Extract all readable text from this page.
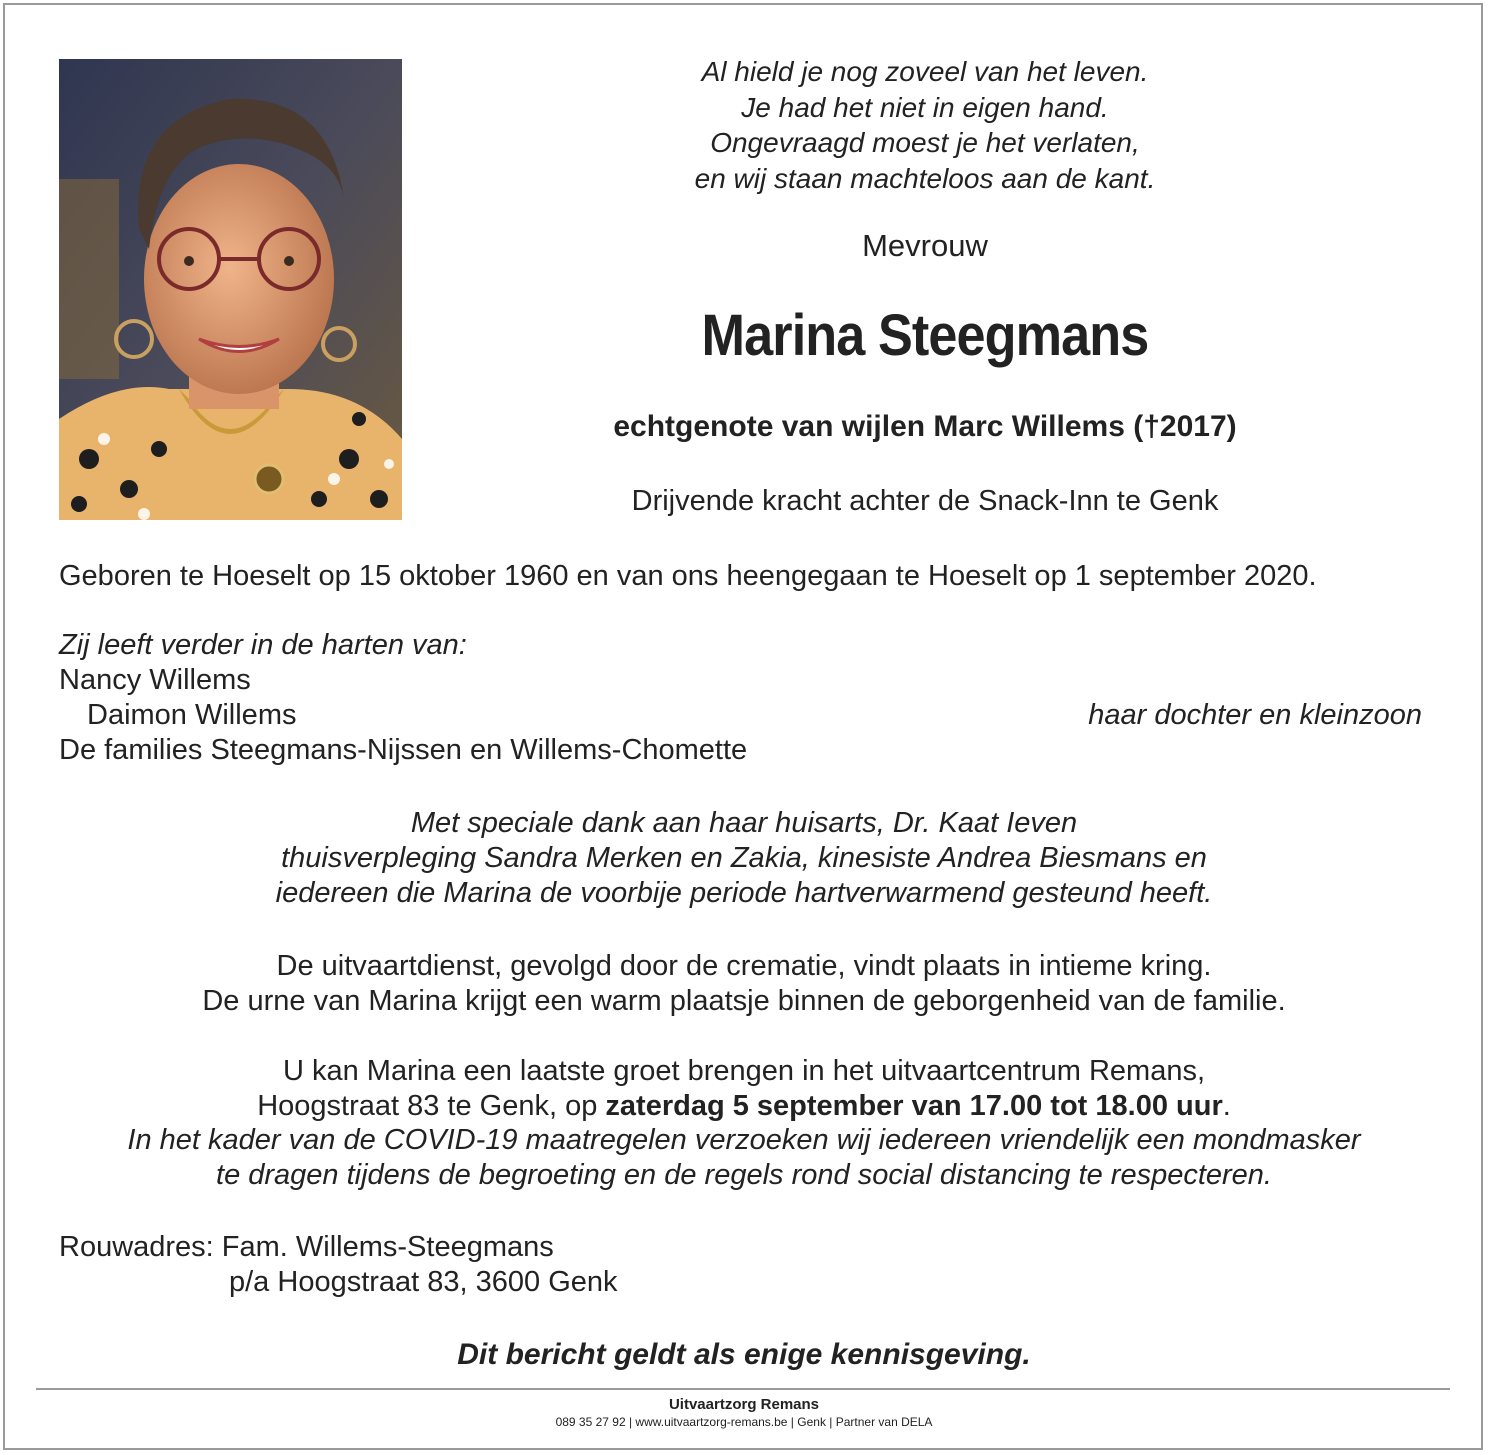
Al hield je nog zoveel van het leven.
Je had het niet in eigen hand.
Ongevraagd moest je het verlaten,
en wij staan machteloos aan de kant.
Mevrouw
Marina Steegmans
echtgenote van wijlen Marc Willems (†2017)
Drijvende kracht achter de Snack-Inn te Genk
Geboren te Hoeselt op 15 oktober 1960 en van ons heengegaan te Hoeselt op 1 september 2020.
Zij leeft verder in de harten van:
Nancy Willems
Daimon Willems	haar dochter en kleinzoon
De families Steegmans-Nijssen en Willems-Chomette
Met speciale dank aan haar huisarts, Dr. Kaat Ieven
thuisverpleging Sandra Merken en Zakia, kinesiste Andrea Biesmans en
iedereen die Marina de voorbije periode hartverwarmend gesteund heeft.
De uitvaartdienst, gevolgd door de crematie, vindt plaats in intieme kring.
De urne van Marina krijgt een warm plaatsje binnen de geborgenheid van de familie.
U kan Marina een laatste groet brengen in het uitvaartcentrum Remans,
Hoogstraat 83 te Genk, op zaterdag 5 september van 17.00 tot 18.00 uur.
In het kader van de COVID-19 maatregelen verzoeken wij iedereen vriendelijk een mondmasker
te dragen tijdens de begroeting en de regels rond social distancing te respecteren.
Rouwadres: Fam. Willems-Steegmans
p/a Hoogstraat 83, 3600 Genk
Dit bericht geldt als enige kennisgeving.
Uitvaartzorg Remans
089 35 27 92 | www.uitvaartzorg-remans.be | Genk | Partner van DELA
